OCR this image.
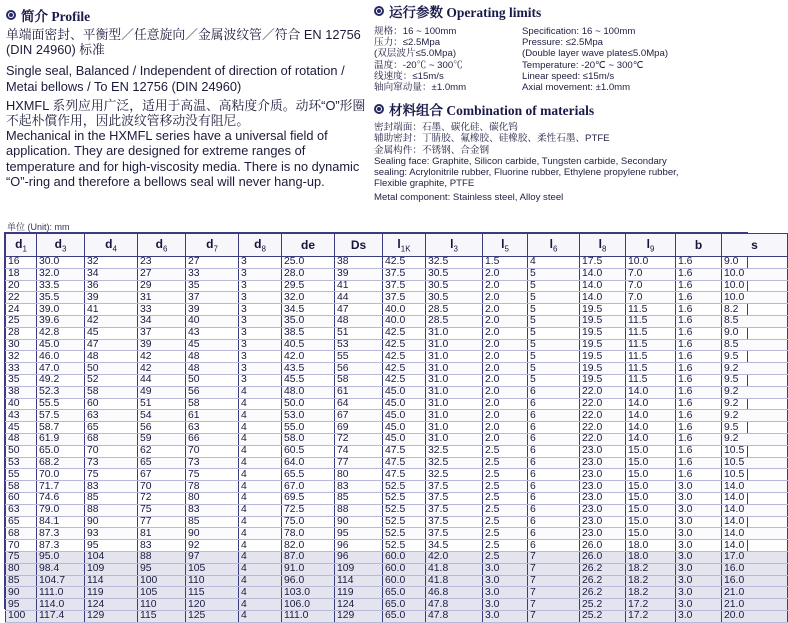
简介 Profile

单端面密封、平衡型／任意旋向／金属波纹管／符合 EN 12756 (DIN 24960) 标准

Single seal, Balanced / Independent of direction of rotation / Metai bellows / To EN 12756 (DIN 24960)

HXMFL 系列应用广泛，适用于高温、高粘度介质。动环“O”形圈不起朴償作用，因此波纹管移动没有阻尼。

Mechanical in the HXMFL series have a universal field of application. They are designed for extreme ranges of temperature and for high-viscosity media. There is no dynamic “O”-ring and therefore a bellows seal will never hang-up.

运行参数 Operating limits
规格：16 ~ 100mm	Specification: 16 ~ 100mm
压力：≤2.5Mpa	Pressure: ≤2.5Mpa
(双层波片≤5.0Mpa)	(Double layer wave plate≤5.0Mpa)
温度：-20℃ ~ 300℃	Temperature: -20℃ ~ 300℃
线速度：≤15m/s	Linear speed: ≤15m/s
轴向窜动量：±1.0mm	Axial movement: ±1.0mm
材料组合 Combination of materials
密封端面：石墨、碳化硅、碳化钨
辅助密封：丁腈胶、氟橡胶、硅橡胶、柔性石墨、PTFE
金属构件：不锈钢、合金钢
Sealing face: Graphite, Silicon carbide, Tungsten carbide, Secondary
sealing: Acrylonitrile rubber, Fluorine rubber, Ethylene propylene rubber,
Flexible graphite, PTFE
Metal component: Stainless steel, Alloy steel
单位 (Unit): mm
$d_1$	$d_3$	$d_4$	$d_6$	$d_7$	$d_8$	de	Ds	$l_{1K}$	$l_3$	$l_5$	$l_6$	$l_8$	$l_9$	b	s
16	30.0	32	23	27	3	25.0	38	42.5	32.5	1.5	4	17.5	10.0	1.6	9.0
18	32.0	34	27	33	3	28.0	39	37.5	30.5	2.0	5	14.0	7.0	1.6	10.0
20	33.5	36	29	35	3	29.5	41	37.5	30.5	2.0	5	14.0	7.0	1.6	10.0
22	35.5	39	31	37	3	32.0	44	37.5	30.5	2.0	5	14.0	7.0	1.6	10.0
24	39.0	41	33	39	3	34.5	47	40.0	28.5	2.0	5	19.5	11.5	1.6	8.2
25	39.6	42	34	40	3	35.0	48	40.0	28.5	2.0	5	19.5	11.5	1.6	8.5
28	42.8	45	37	43	3	38.5	51	42.5	31.0	2.0	5	19.5	11.5	1.6	9.0
30	45.0	47	39	45	3	40.5	53	42.5	31.0	2.0	5	19.5	11.5	1.6	8.5
32	46.0	48	42	48	3	42.0	55	42.5	31.0	2.0	5	19.5	11.5	1.6	9.5
33	47.0	50	42	48	3	43.5	56	42.5	31.0	2.0	5	19.5	11.5	1.6	9.2
35	49.2	52	44	50	3	45.5	58	42.5	31.0	2.0	5	19.5	11.5	1.6	9.5
38	52.3	58	49	56	4	48.0	61	45.0	31.0	2.0	6	22.0	14.0	1.6	9.2
40	55.5	60	51	58	4	50.0	64	45.0	31.0	2.0	6	22.0	14.0	1.6	9.2
43	57.5	63	54	61	4	53.0	67	45.0	31.0	2.0	6	22.0	14.0	1.6	9.2
45	58.7	65	56	63	4	55.0	69	45.0	31.0	2.0	6	22.0	14.0	1.6	9.5
48	61.9	68	59	66	4	58.0	72	45.0	31.0	2.0	6	22.0	14.0	1.6	9.2
50	65.0	70	62	70	4	60.5	74	47.5	32.5	2.5	6	23.0	15.0	1.6	10.5
53	68.2	73	65	73	4	64.0	77	47.5	32.5	2.5	6	23.0	15.0	1.6	10.5
55	70.0	75	67	75	4	65.5	80	47.5	32.5	2.5	6	23.0	15.0	1.6	10.5
58	71.7	83	70	78	4	67.0	83	52.5	37.5	2.5	6	23.0	15.0	3.0	14.0
60	74.6	85	72	80	4	69.5	85	52.5	37.5	2.5	6	23.0	15.0	3.0	14.0
63	79.0	88	75	83	4	72.5	88	52.5	37.5	2.5	6	23.0	15.0	3.0	14.0
65	84.1	90	77	85	4	75.0	90	52.5	37.5	2.5	6	23.0	15.0	3.0	14.0
68	87.3	93	81	90	4	78.0	95	52.5	37.5	2.5	6	23.0	15.0	3.0	14.0
70	87.3	95	83	92	4	82.0	96	52.5	34.5	2.5	6	26.0	18.0	3.0	14.0
75	95.0	104	88	97	4	87.0	96	60.0	42.0	2.5	7	26.0	18.0	3.0	17.0
80	98.4	109	95	105	4	91.0	109	60.0	41.8	3.0	7	26.2	18.2	3.0	16.0
85	104.7	114	100	110	4	96.0	114	60.0	41.8	3.0	7	26.2	18.2	3.0	16.0
90	111.0	119	105	115	4	103.0	119	65.0	46.8	3.0	7	26.2	18.2	3.0	21.0
95	114.0	124	110	120	4	106.0	124	65.0	47.8	3.0	7	25.2	17.2	3.0	21.0
100	117.4	129	115	125	4	111.0	129	65.0	47.8	3.0	7	25.2	17.2	3.0	20.0
